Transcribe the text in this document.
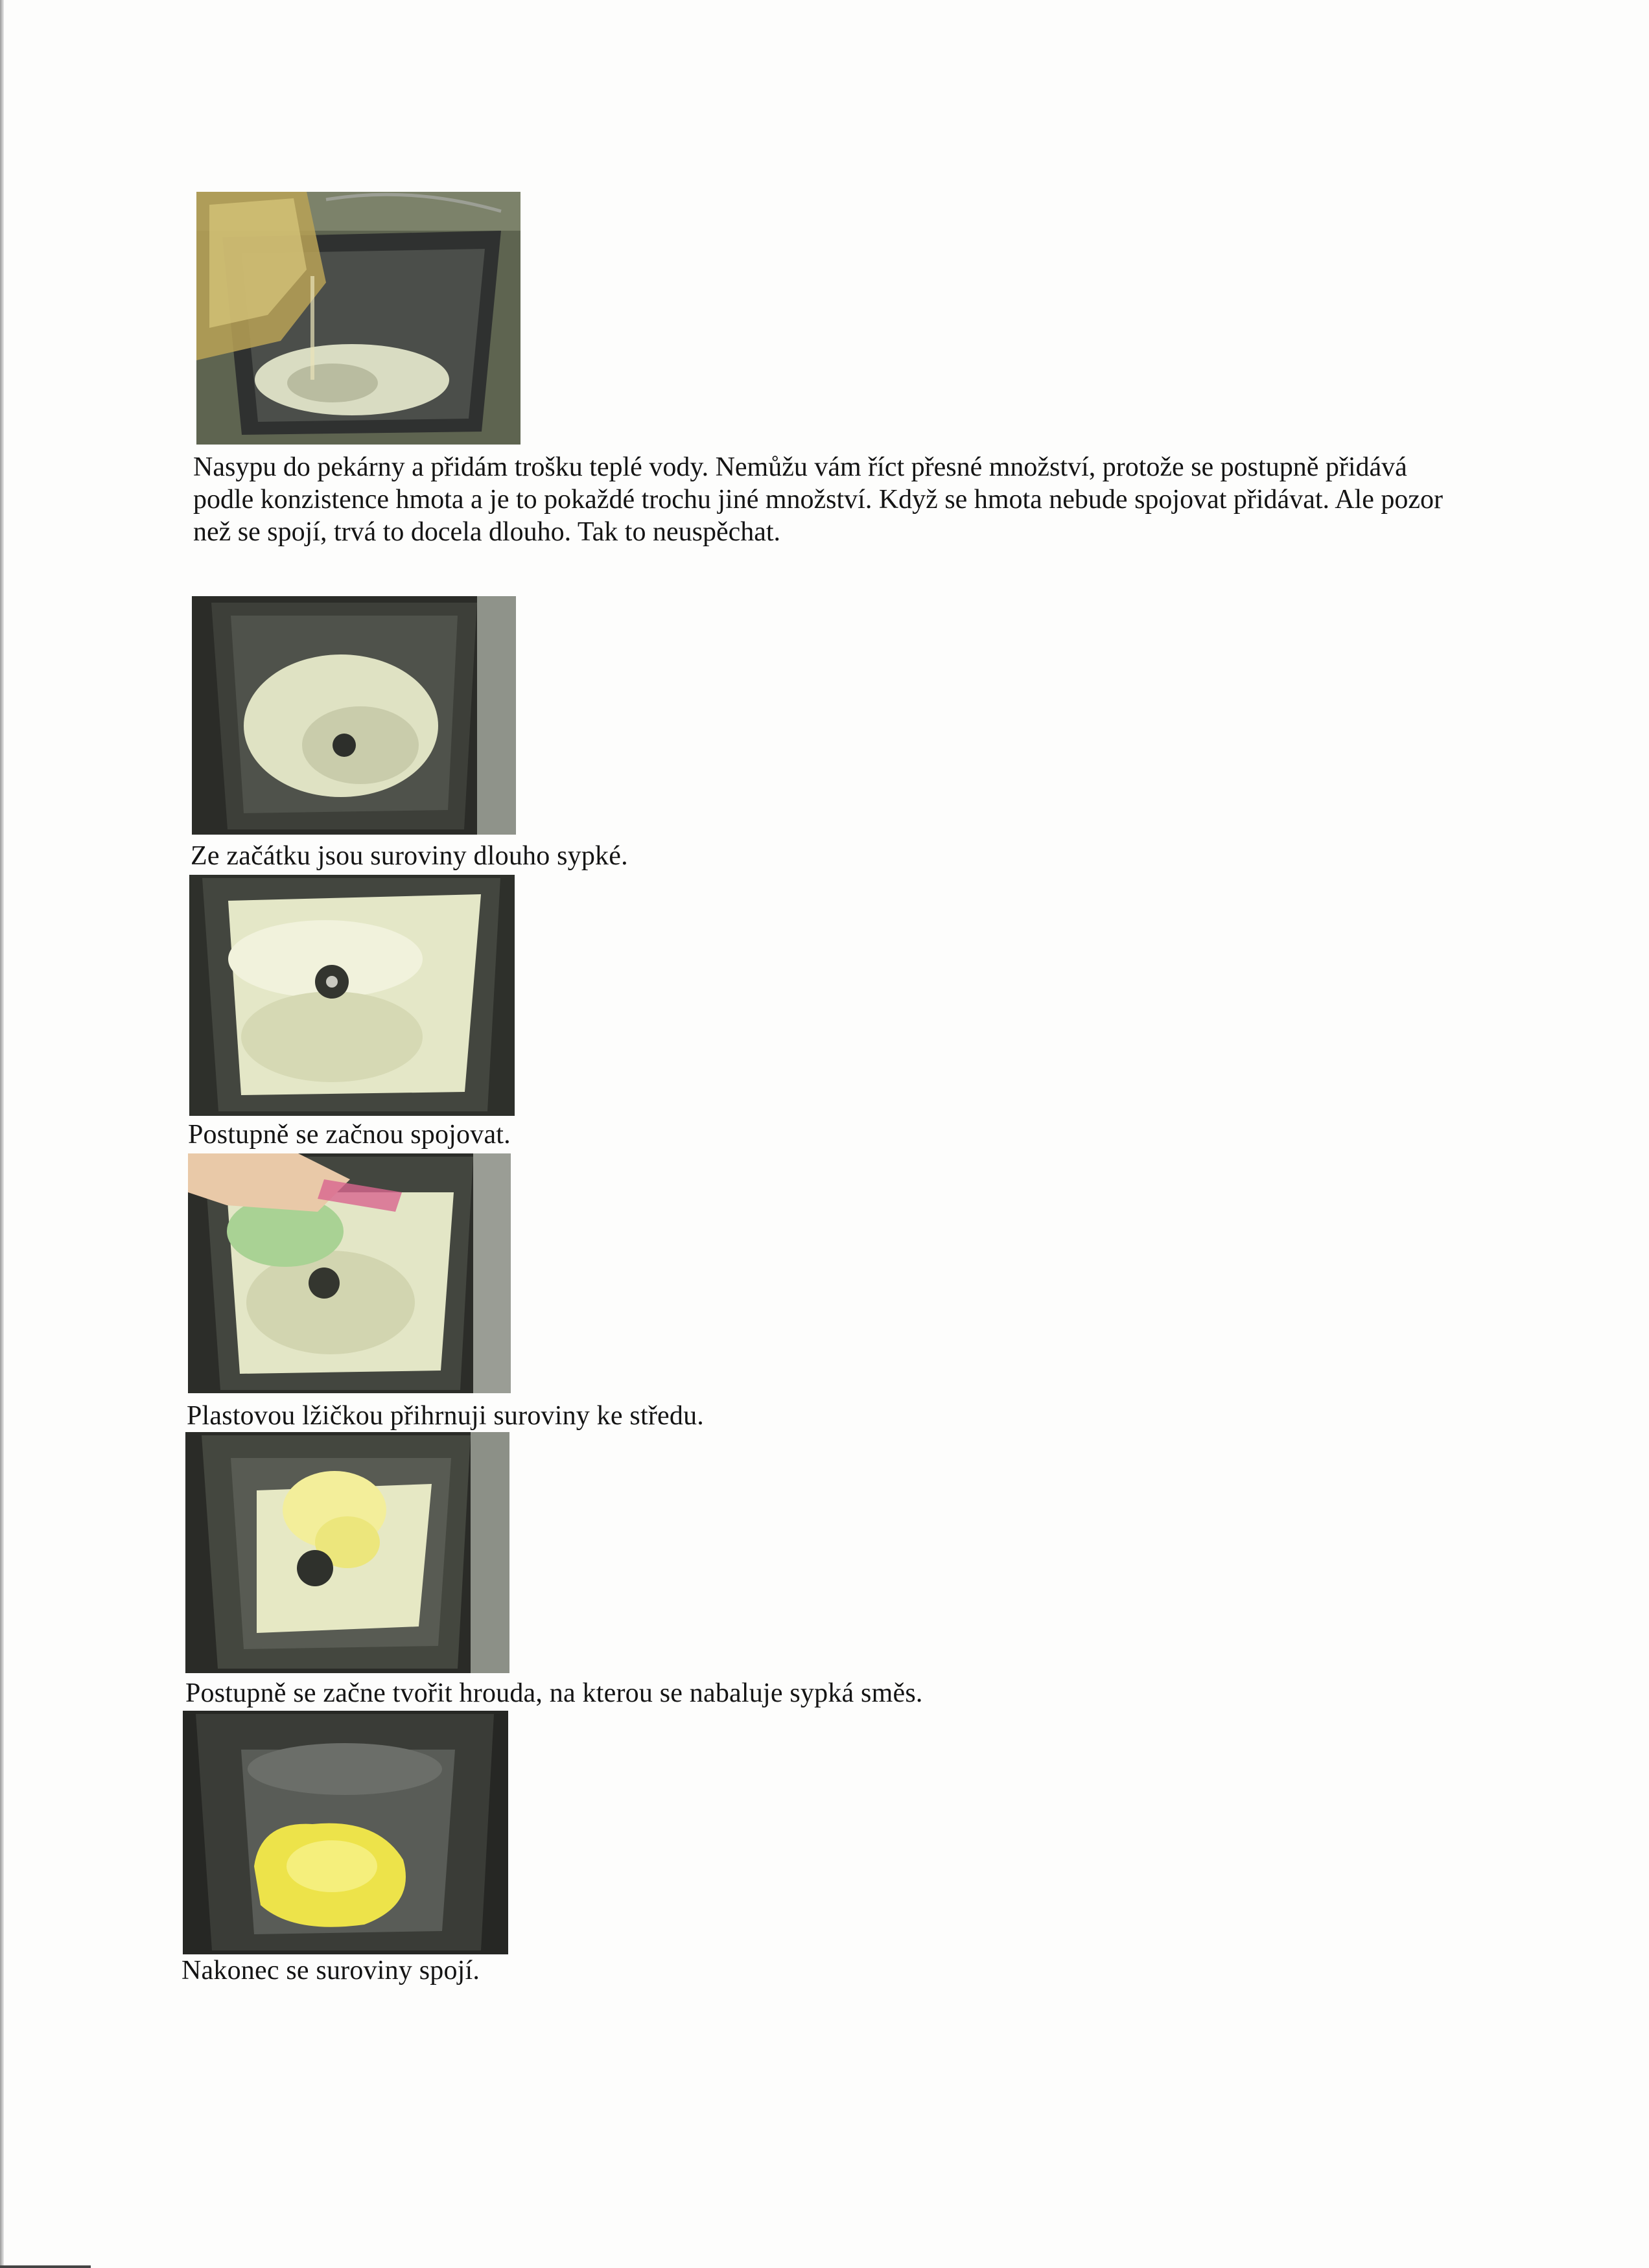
Nasypu do pekárny a přidám trošku teplé vody. Nemůžu vám říct přesné množství, protože se postupně přidává podle konzistence hmota a je to pokaždé trochu jiné množství. Když se hmota nebude spojovat přidávat. Ale pozor než se spojí, trvá to docela dlouho. Tak to neuspěchat.

Ze začátku jsou suroviny dlouho sypké.

Postupně se začnou spojovat.

Plastovou lžičkou přihrnuji suroviny ke středu.

Postupně se začne tvořit hrouda, na kterou se nabaluje sypká směs.

Nakonec se suroviny spojí.
